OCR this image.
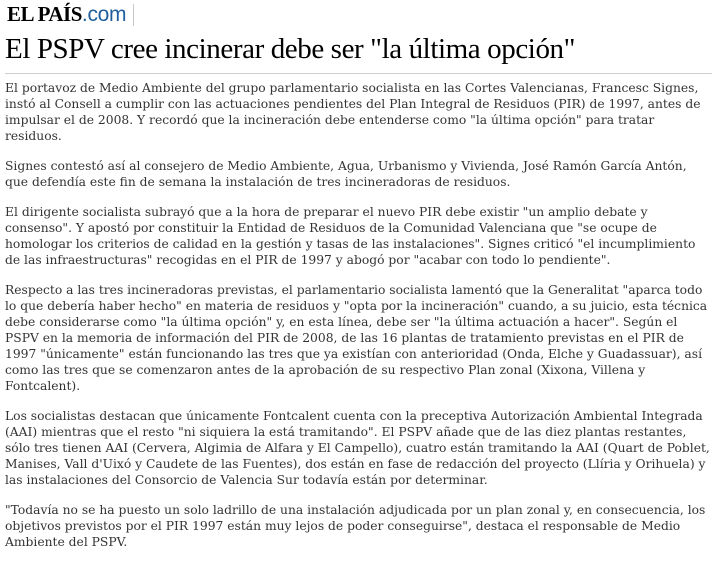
EL PAÍS .com
El PSPV cree incinerar debe ser "la última opción"

El portavoz de Medio Ambiente del grupo parlamentario socialista en las Cortes Valencianas, Francesc Signes, instó al Consell a cumplir con las actuaciones pendientes del Plan Integral de Residuos (PIR) de 1997, antes de impulsar el de 2008. Y recordó que la incineración debe entenderse como "la última opción" para tratar residuos.

Signes contestó así al consejero de Medio Ambiente, Agua, Urbanismo y Vivienda, José Ramón García Antón, que defendía este fin de semana la instalación de tres incineradoras de residuos.

El dirigente socialista subrayó que a la hora de preparar el nuevo PIR debe existir "un amplio debate y consenso". Y apostó por constituir la Entidad de Residuos de la Comunidad Valenciana que "se ocupe de homologar los criterios de calidad en la gestión y tasas de las instalaciones". Signes criticó "el incumplimiento de las infraestructuras" recogidas en el PIR de 1997 y abogó por "acabar con todo lo pendiente".

Respecto a las tres incineradoras previstas, el parlamentario socialista lamentó que la Generalitat "aparca todo lo que debería haber hecho" en materia de residuos y "opta por la incineración" cuando, a su juicio, esta técnica debe considerarse como "la última opción" y, en esta línea, debe ser "la última actuación a hacer". Según el PSPV en la memoria de información del PIR de 2008, de las 16 plantas de tratamiento previstas en el PIR de 1997 "únicamente" están funcionando las tres que ya existían con anterioridad (Onda, Elche y Guadassuar), así como las tres que se comenzaron antes de la aprobación de su respectivo Plan zonal (Xixona, Villena y Fontcalent).

Los socialistas destacan que únicamente Fontcalent cuenta con la preceptiva Autorización Ambiental Integrada (AAI) mientras que el resto "ni siquiera la está tramitando". El PSPV añade que de las diez plantas restantes, sólo tres tienen AAI (Cervera, Algimia de Alfara y El Campello), cuatro están tramitando la AAI (Quart de Poblet, Manises, Vall d'Uixó y Caudete de las Fuentes), dos están en fase de redacción del proyecto (Llíria y Orihuela) y las instalaciones del Consorcio de Valencia Sur todavía están por determinar.

"Todavía no se ha puesto un solo ladrillo de una instalación adjudicada por un plan zonal y, en consecuencia, los objetivos previstos por el PIR 1997 están muy lejos de poder conseguirse", destaca el responsable de Medio Ambiente del PSPV.
